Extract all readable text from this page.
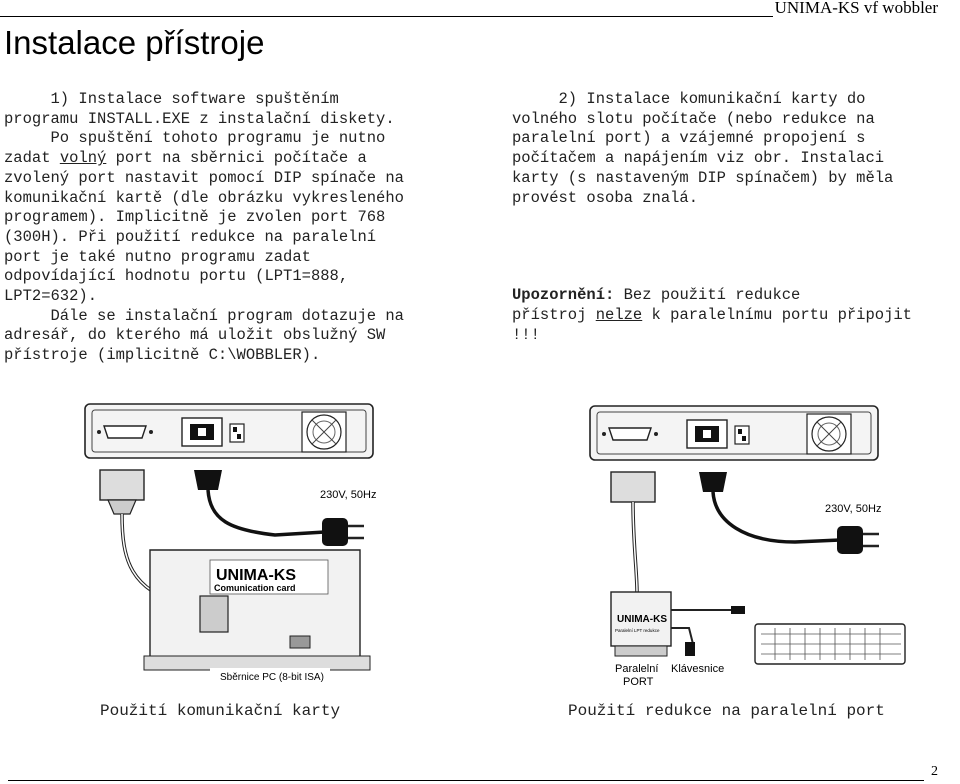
UNIMA-KS vf wobbler
Instalace přístroje

1) Instalace software spuštěním

programu INSTALL.EXE z instalační diskety.

Po spuštění tohoto programu je nutno

zadat volný port na sběrnici počítače a

zvolený port nastavit pomocí DIP spínače na

komunikační kartě (dle obrázku vykresleného

programem). Implicitně je zvolen port 768

(300H). Při použití redukce na paralelní

port je také nutno programu zadat

odpovídající hodnotu portu (LPT1=888,

LPT2=632).

Dále se instalační program dotazuje na

adresář, do kterého má uložit obslužný SW

přístroje (implicitně C:\WOBBLER).

2) Instalace komunikační karty do

volného slotu počítače (nebo redukce na

paralelní port) a vzájemné propojení s

počítačem a napájením viz obr. Instalaci

karty (s nastaveným DIP spínačem) by měla

provést osoba znalá.

Upozornění: Bez použití redukce

přístroj nelze k paralelnímu portu připojit

!!!

230V, 50Hz
UNIMA-KS
Comunication card
Sběrnice PC (8-bit ISA)
230V, 50Hz
UNIMA-KS
Paralelní LPT redukce
Paralelní
PORT
Klávesnice
Použití komunikační karty	Použití redukce na paralelní port
2
